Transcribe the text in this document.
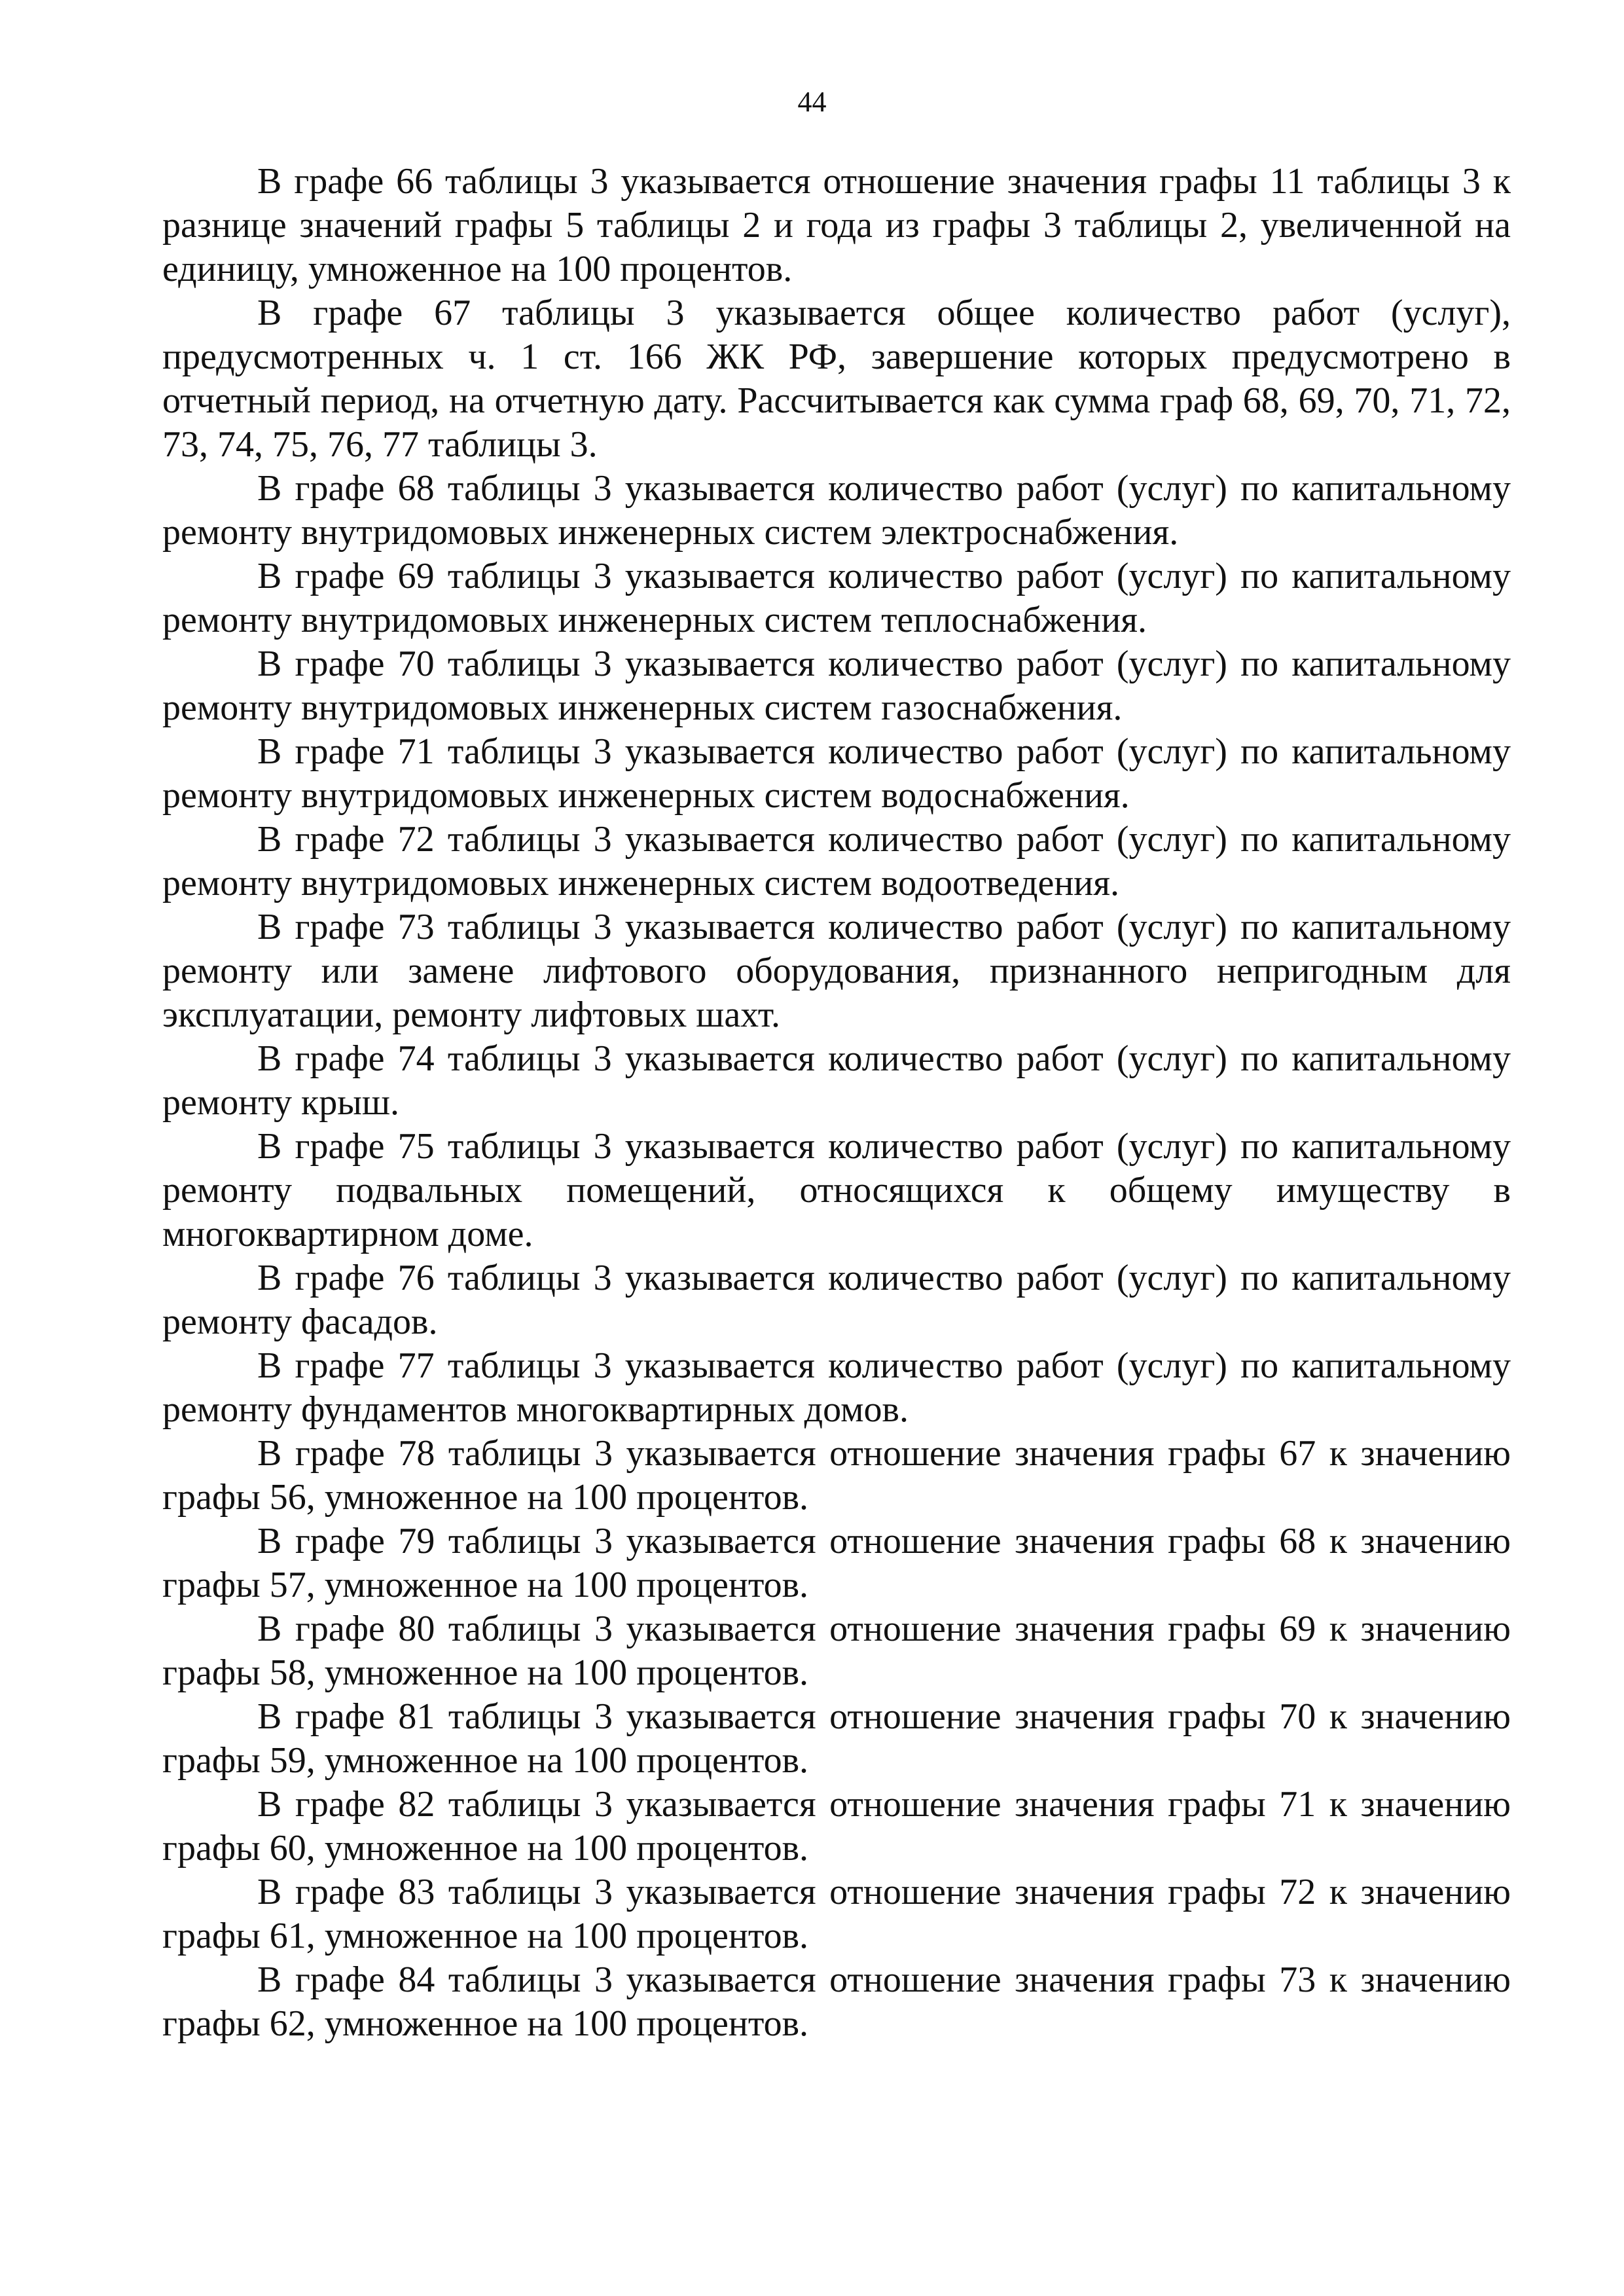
44

В графе 66 таблицы 3 указывается отношение значения графы 11 таблицы 3 к разнице значений графы 5 таблицы 2 и года из графы 3 таблицы 2, увеличенной на единицу, умноженное на 100 процентов.

В графе 67 таблицы 3 указывается общее количество работ (услуг), предусмотренных ч. 1 ст. 166 ЖК РФ, завершение которых предусмотрено в отчетный период, на отчетную дату. Рассчитывается как сумма граф 68, 69, 70, 71, 72, 73, 74, 75, 76, 77 таблицы 3.

В графе 68 таблицы 3 указывается количество работ (услуг) по капитальному ремонту внутридомовых инженерных систем электроснабжения.

В графе 69 таблицы 3 указывается количество работ (услуг) по капитальному ремонту внутридомовых инженерных систем теплоснабжения.

В графе 70 таблицы 3 указывается количество работ (услуг) по капитальному ремонту внутридомовых инженерных систем газоснабжения.

В графе 71 таблицы 3 указывается количество работ (услуг) по капитальному ремонту внутридомовых инженерных систем водоснабжения.

В графе 72 таблицы 3 указывается количество работ (услуг) по капитальному ремонту внутридомовых инженерных систем водоотведения.

В графе 73 таблицы 3 указывается количество работ (услуг) по капитальному ремонту или замене лифтового оборудования, признанного непригодным для эксплуатации, ремонту лифтовых шахт.

В графе 74 таблицы 3 указывается количество работ (услуг) по капитальному ремонту крыш.

В графе 75 таблицы 3 указывается количество работ (услуг) по капитальному ремонту подвальных помещений, относящихся к общему имуществу в многоквартирном доме.

В графе 76 таблицы 3 указывается количество работ (услуг) по капитальному ремонту фасадов.

В графе 77 таблицы 3 указывается количество работ (услуг) по капитальному ремонту фундаментов многоквартирных домов.

В графе 78 таблицы 3 указывается отношение значения графы 67 к значению графы 56, умноженное на 100 процентов.

В графе 79 таблицы 3 указывается отношение значения графы 68 к значению графы 57, умноженное на 100 процентов.

В графе 80 таблицы 3 указывается отношение значения графы 69 к значению графы 58, умноженное на 100 процентов.

В графе 81 таблицы 3 указывается отношение значения графы 70 к значению графы 59, умноженное на 100 процентов.

В графе 82 таблицы 3 указывается отношение значения графы 71 к значению графы 60, умноженное на 100 процентов.

В графе 83 таблицы 3 указывается отношение значения графы 72 к значению графы 61, умноженное на 100 процентов.

В графе 84 таблицы 3 указывается отношение значения графы 73 к значению графы 62, умноженное на 100 процентов.
